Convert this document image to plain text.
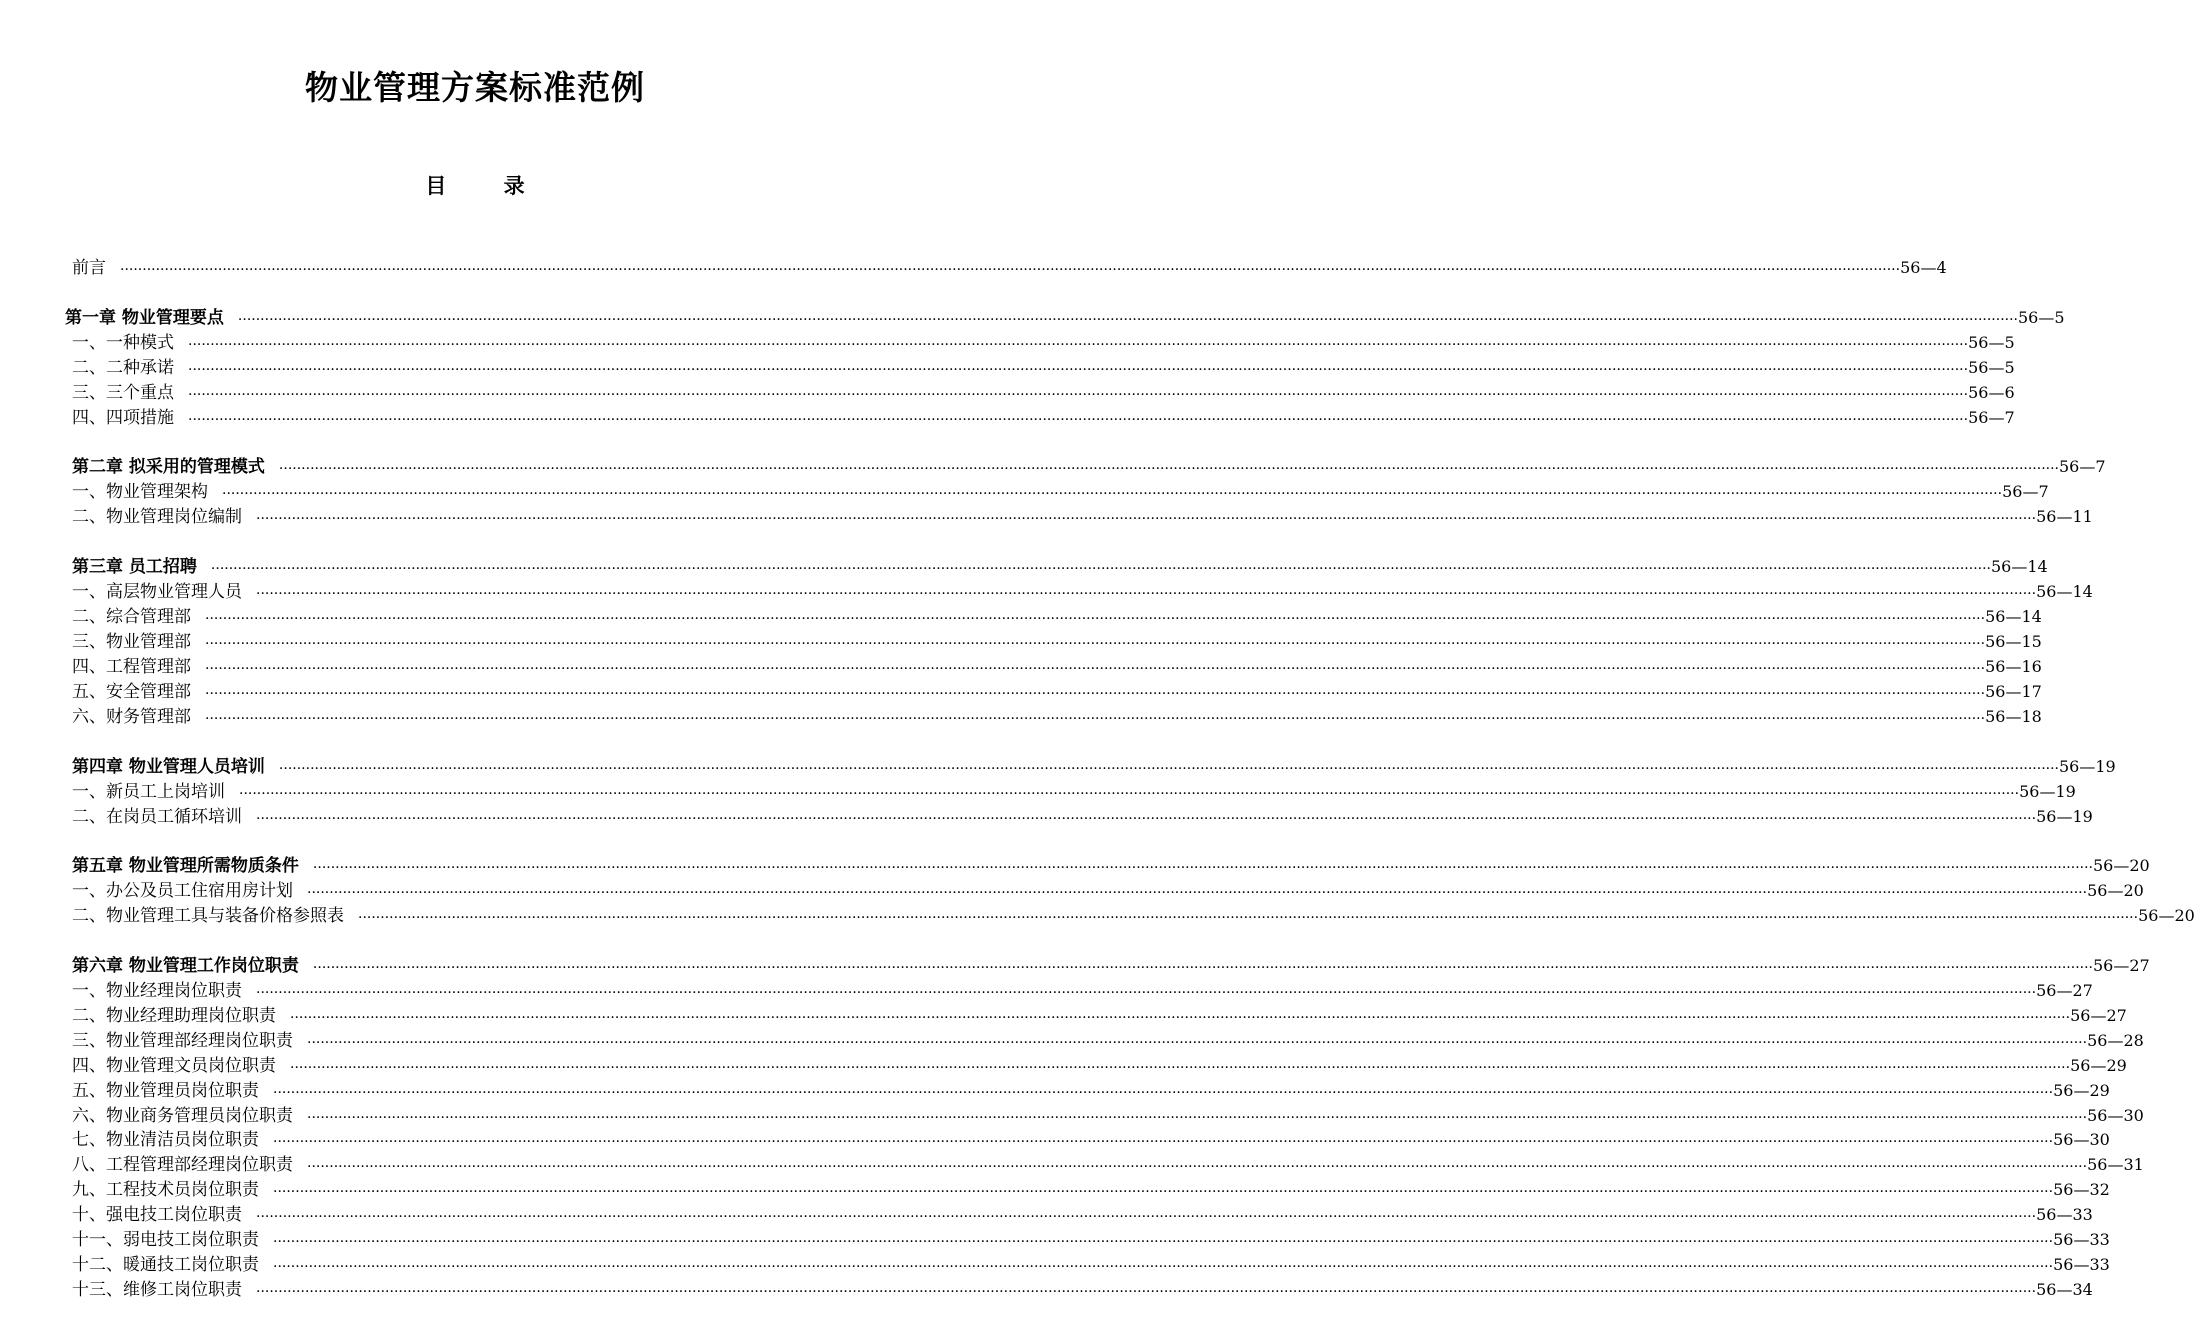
物业管理方案标准范例
目 录
前言 ················································································································································································································································································································································································································ 56—4
第一章 物业管理要点 ················································································································································································································································································································································································································ 56—5
一、一种模式 ················································································································································································································································································································································································································ 56—5
二、二种承诺 ················································································································································································································································································································································································································ 56—5
三、三个重点 ················································································································································································································································································································································································································ 56—6
四、四项措施 ················································································································································································································································································································································································································ 56—7
第二章 拟采用的管理模式 ················································································································································································································································································································································································································ 56—7
一、物业管理架构 ················································································································································································································································································································································································································ 56—7
二、物业管理岗位编制 ················································································································································································································································································································································································································ 56—11
第三章 员工招聘 ················································································································································································································································································································································································································ 56—14
一、高层物业管理人员 ················································································································································································································································································································································································································ 56—14
二、综合管理部 ················································································································································································································································································································································································································ 56—14
三、物业管理部 ················································································································································································································································································································································································································ 56—15
四、工程管理部 ················································································································································································································································································································································································································ 56—16
五、安全管理部 ················································································································································································································································································································································································································ 56—17
六、财务管理部 ················································································································································································································································································································································································································ 56—18
第四章 物业管理人员培训 ················································································································································································································································································································································································································ 56—19
一、新员工上岗培训 ················································································································································································································································································································································································································ 56—19
二、在岗员工循环培训 ················································································································································································································································································································································································································ 56—19
第五章 物业管理所需物质条件 ················································································································································································································································································································································································································ 56—20
一、办公及员工住宿用房计划 ················································································································································································································································································································································································································ 56—20
二、物业管理工具与装备价格参照表 ················································································································································································································································································································································································································ 56—20
第六章 物业管理工作岗位职责 ················································································································································································································································································································································································································ 56—27
一、物业经理岗位职责 ················································································································································································································································································································································································································ 56—27
二、物业经理助理岗位职责 ················································································································································································································································································································································································································ 56—27
三、物业管理部经理岗位职责 ················································································································································································································································································································································································································ 56—28
四、物业管理文员岗位职责 ················································································································································································································································································································································································································ 56—29
五、物业管理员岗位职责 ················································································································································································································································································································································································································ 56—29
六、物业商务管理员岗位职责 ················································································································································································································································································································································································································ 56—30
七、物业清洁员岗位职责 ················································································································································································································································································································································································································ 56—30
八、工程管理部经理岗位职责 ················································································································································································································································································································································································································ 56—31
九、工程技术员岗位职责 ················································································································································································································································································································································································································ 56—32
十、强电技工岗位职责 ················································································································································································································································································································································································································ 56—33
十一、弱电技工岗位职责 ················································································································································································································································································································································································································ 56—33
十二、暖通技工岗位职责 ················································································································································································································································································································································································································ 56—33
十三、维修工岗位职责 ················································································································································································································································································································································································································ 56—34
